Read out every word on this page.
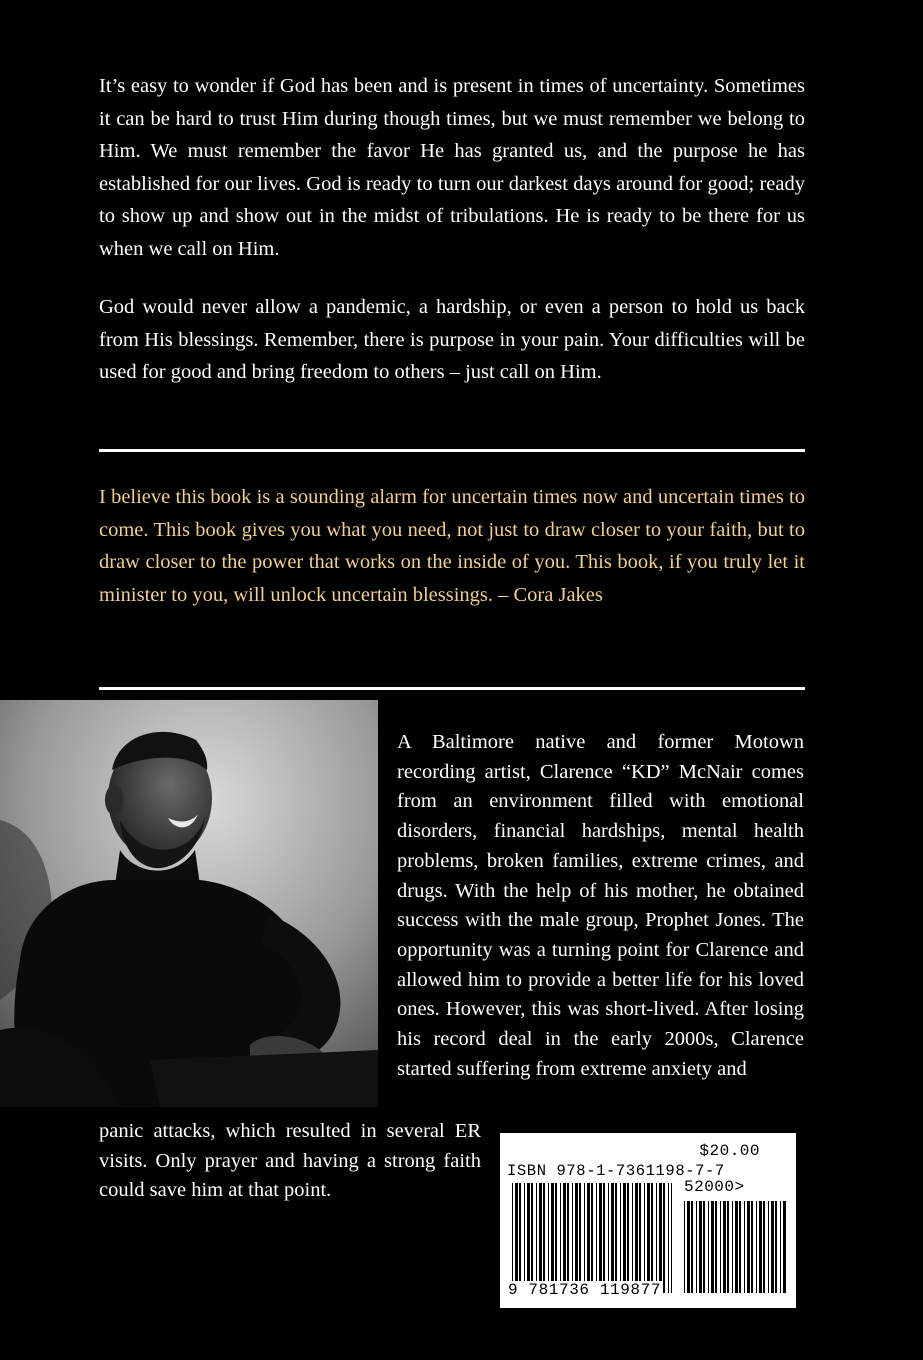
It’s easy to wonder if God has been and is present in times of uncertainty. Sometimes it can be hard to trust Him during though times, but we must remember we belong to Him. We must remember the favor He has granted us, and the purpose he has established for our lives. God is ready to turn our darkest days around for good; ready to show up and show out in the midst of tribulations. He is ready to be there for us when we call on Him.

God would never allow a pandemic, a hardship, or even a person to hold us back from His blessings. Remember, there is purpose in your pain. Your difficulties will be used for good and bring freedom to others – just call on Him.

I believe this book is a sounding alarm for uncertain times now and uncertain times to come. This book gives you what you need, not just to draw closer to your faith, but to draw closer to the power that works on the inside of you. This book, if you truly let it minister to you, will unlock uncertain blessings. – Cora Jakes

A Baltimore native and former Motown recording artist, Clarence “KD” McNair comes from an environment filled with emotional disorders, financial hardships, mental health problems, broken families, extreme crimes, and drugs. With the help of his mother, he obtained success with the male group, Prophet Jones. The opportunity was a turning point for Clarence and allowed him to provide a better life for his loved ones. However, this was short-lived. After losing his record deal in the early 2000s, Clarence started suffering from extreme anxiety and

panic attacks, which resulted in several ER visits. Only prayer and having a strong faith could save him at that point.

$20.00
ISBN 978-1-7361198-7-7
52000>
9 781736 119877
